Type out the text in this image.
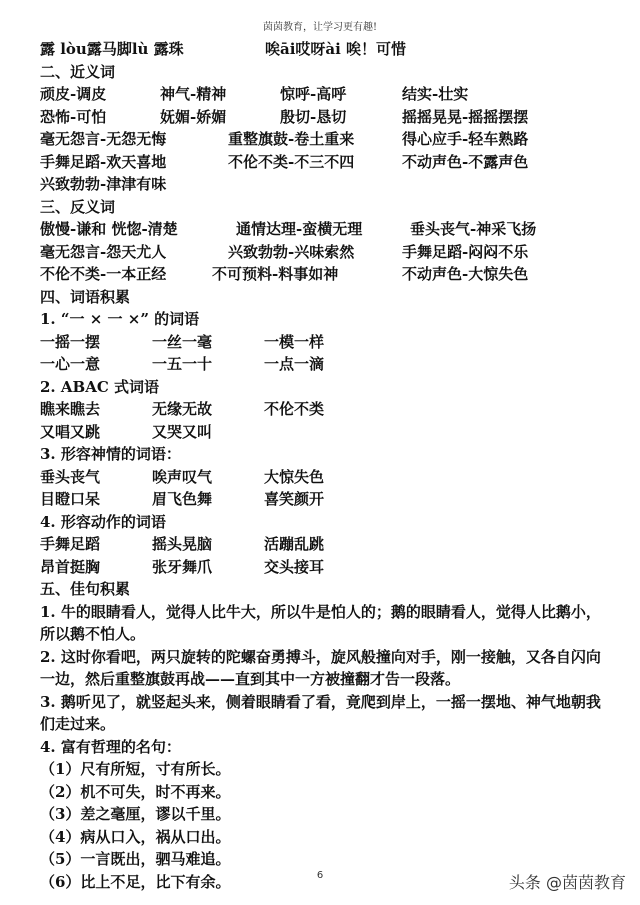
茵茵教育，让学习更有趣!
露 lòu露马脚lù 露珠	唉āi哎呀ài 唉！可惜
二、近义词
顽皮-调皮	神气-精神	惊呼-高呼	结实-壮实
恐怖-可怕	妩媚-娇媚	殷切-恳切	摇摇晃晃-摇摇摆摆
毫无怨言-无怨无悔	重整旗鼓-卷土重来	得心应手-轻车熟路
手舞足蹈-欢天喜地	不伦不类-不三不四	不动声色-不露声色
兴致勃勃-津津有味
三、反义词
傲慢-谦和 恍惚-清楚	通情达理-蛮横无理	垂头丧气-神采飞扬
毫无怨言-怨天尤人	兴致勃勃-兴味索然	手舞足蹈-闷闷不乐
不伦不类-一本正经	不可预料-料事如神	不动声色-大惊失色
四、词语积累
1. “一 × 一 ×” 的词语
一摇一摆	一丝一毫	一模一样
一心一意	一五一十	一点一滴
2. ABAC 式词语
瞧来瞧去	无缘无故	不伦不类
又唱又跳	又哭又叫
3. 形容神情的词语：
垂头丧气	唉声叹气	大惊失色
目瞪口呆	眉飞色舞	喜笑颜开
4. 形容动作的词语
手舞足蹈	摇头晃脑	活蹦乱跳
昂首挺胸	张牙舞爪	交头接耳
五、佳句积累
1. 牛的眼睛看人，觉得人比牛大，所以牛是怕人的；鹅的眼睛看人，觉得人比鹅小，所以鹅不怕人。
2. 这时你看吧，两只旋转的陀螺奋勇搏斗，旋风般撞向对手，刚一接触，又各自闪向一边，然后重整旗鼓再战——直到其中一方被撞翻才告一段落。
3. 鹅听见了，就竖起头来，侧着眼睛看了看，竟爬到岸上，一摇一摆地、神气地朝我们走过来。
4. 富有哲理的名句：
（1）尺有所短，寸有所长。
（2）机不可失，时不再来。
（3）差之毫厘，谬以千里。
（4）病从口入，祸从口出。
（5）一言既出，驷马难追。
（6）比上不足，比下有余。	6	头条 @茵茵教育
